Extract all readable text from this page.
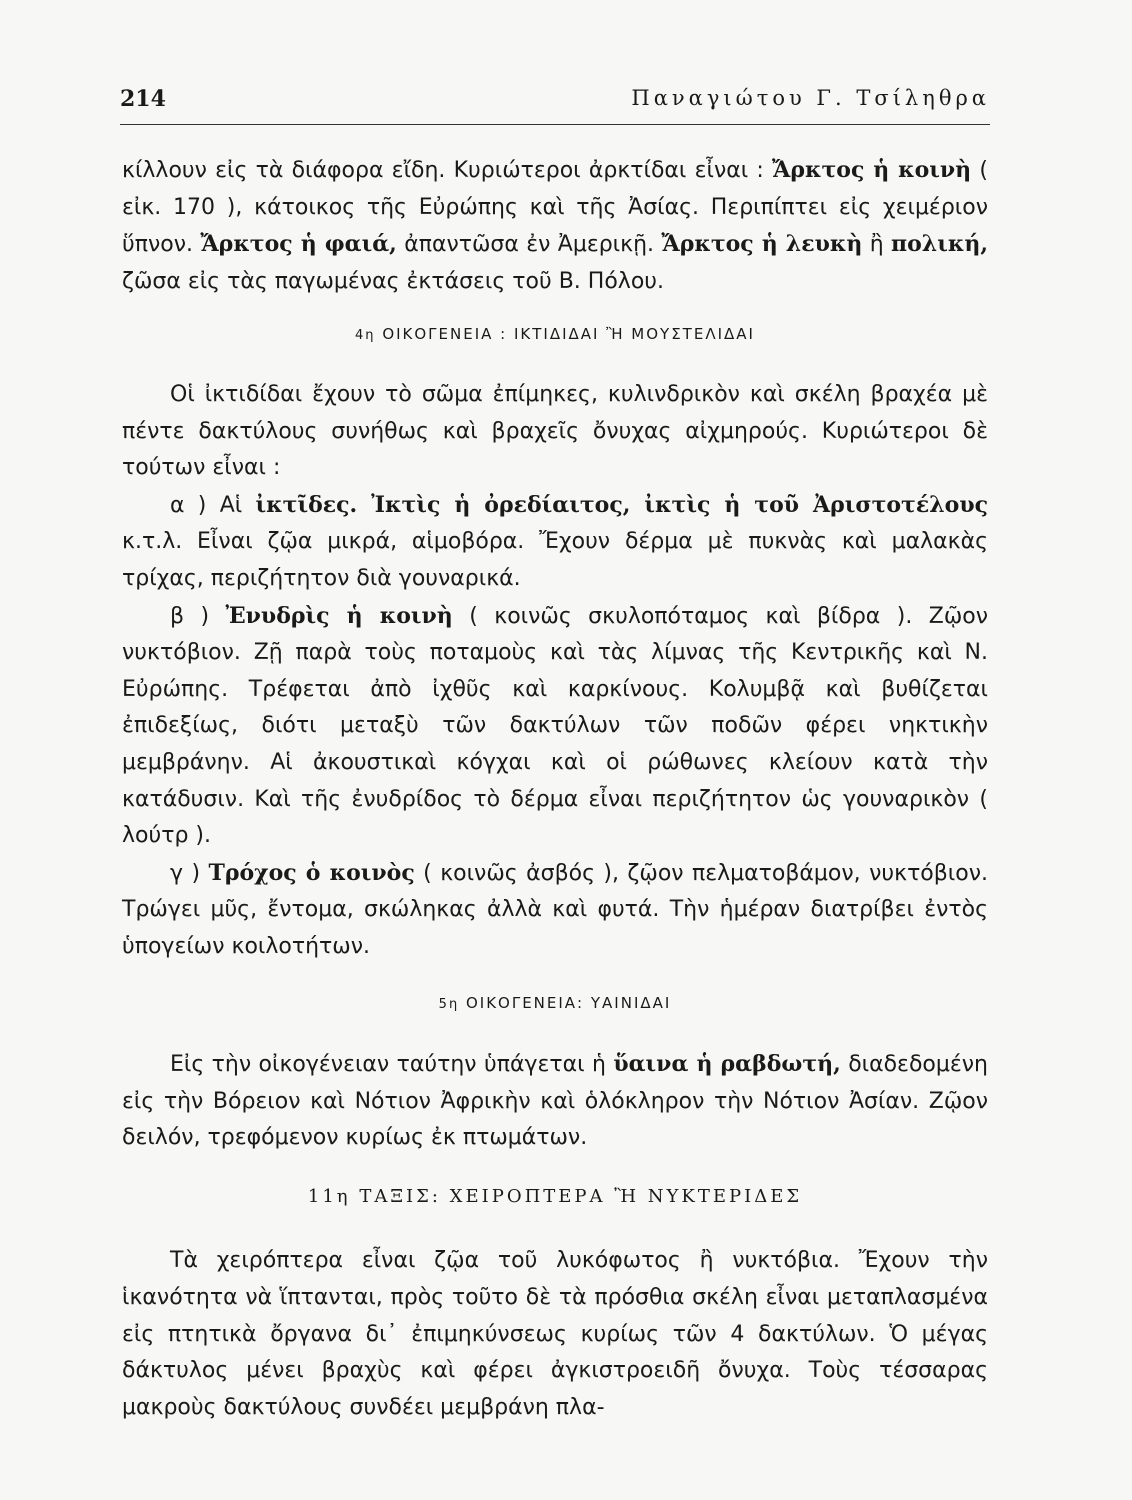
214	Παναγιώτου Γ. Τσίληθρα

κίλλουν εἰς τὰ διάφορα εἴδη. Κυριώτεροι ἀρκτίδαι εἶναι : Ἄρκτος ἡ κοινὴ ( εἰκ. 170 ), κάτοικος τῆς Εὐρώπης καὶ τῆς Ἀσίας. Περιπίπτει εἰς χειμέριον ὕπνον. Ἄρκτος ἡ φαιά, ἀπαντῶσα ἐν Ἀμερικῇ. Ἄρκτος ἡ λευκὴ ἢ πολική, ζῶσα εἰς τὰς παγωμένας ἐκτάσεις τοῦ Β. Πόλου.

4η ΟΙΚΟΓΕΝΕΙΑ : ΙΚΤΙΔΙΔΑΙ Ἢ ΜΟΥΣΤΕΛΙΔΑΙ

Οἱ ἰκτιδίδαι ἔχουν τὸ σῶμα ἐπίμηκες, κυλινδρικὸν καὶ σκέλη βραχέα μὲ πέντε δακτύλους συνήθως καὶ βραχεῖς ὄνυχας αἰχμηρούς. Κυριώτεροι δὲ τούτων εἶναι :

α ) Αἱ ἰκτῖδες. Ἰκτὶς ἡ ὀρεδίαιτος, ἰκτὶς ἡ τοῦ Ἀριστοτέλους κ.τ.λ. Εἶναι ζῷα μικρά, αἱμοβόρα. Ἔχουν δέρμα μὲ πυκνὰς καὶ μαλακὰς τρίχας, περιζήτητον διὰ γουναρικά.

β ) Ἐνυδρὶς ἡ κοινὴ ( κοινῶς σκυλοπόταμος καὶ βίδρα ). Ζῷον νυκτόβιον. Ζῇ παρὰ τοὺς ποταμοὺς καὶ τὰς λίμνας τῆς Κεντρικῆς καὶ Ν. Εὐρώπης. Τρέφεται ἀπὸ ἰχθῦς καὶ καρκίνους. Κολυμβᾷ καὶ βυθίζεται ἐπιδεξίως, διότι μεταξὺ τῶν δακτύλων τῶν ποδῶν φέρει νηκτικὴν μεμβράνην. Αἱ ἀκουστικαὶ κόγχαι καὶ οἱ ρώθωνες κλείουν κατὰ τὴν κατάδυσιν. Καὶ τῆς ἐνυδρίδος τὸ δέρμα εἶναι περιζήτητον ὡς γουναρικὸν ( λούτρ ).

γ ) Τρόχος ὁ κοινὸς ( κοινῶς ἀσβός ), ζῷον πελματοβάμον, νυκτόβιον. Τρώγει μῦς, ἔντομα, σκώληκας ἀλλὰ καὶ φυτά. Τὴν ἡμέραν διατρίβει ἐντὸς ὑπογείων κοιλοτήτων.

5η ΟΙΚΟΓΕΝΕΙΑ: ΥΑΙΝΙΔΑΙ

Εἰς τὴν οἰκογένειαν ταύτην ὑπάγεται ἡ ὕαινα ἡ ραβδωτή, διαδεδομένη εἰς τὴν Βόρειον καὶ Νότιον Ἀφρικὴν καὶ ὁλόκληρον τὴν Νότιον Ἀσίαν. Ζῷον δειλόν, τρεφόμενον κυρίως ἐκ πτωμάτων.

11η ΤΑΞΙΣ: ΧΕΙΡΟΠΤΕΡΑ Ἢ ΝΥΚΤΕΡΙΔΕΣ

Τὰ χειρόπτερα εἶναι ζῷα τοῦ λυκόφωτος ἢ νυκτόβια. Ἔχουν τὴν ἱκανότητα νὰ ἵπτανται, πρὸς τοῦτο δὲ τὰ πρόσθια σκέλη εἶναι μεταπλασμένα εἰς πτητικὰ ὄργανα δι᾿ ἐπιμηκύνσεως κυρίως τῶν 4 δακτύλων. Ὁ μέγας δάκτυλος μένει βραχὺς καὶ φέρει ἀγκιστροειδῆ ὄνυχα. Τοὺς τέσσαρας μακροὺς δακτύλους συνδέει μεμβράνη πλα-
